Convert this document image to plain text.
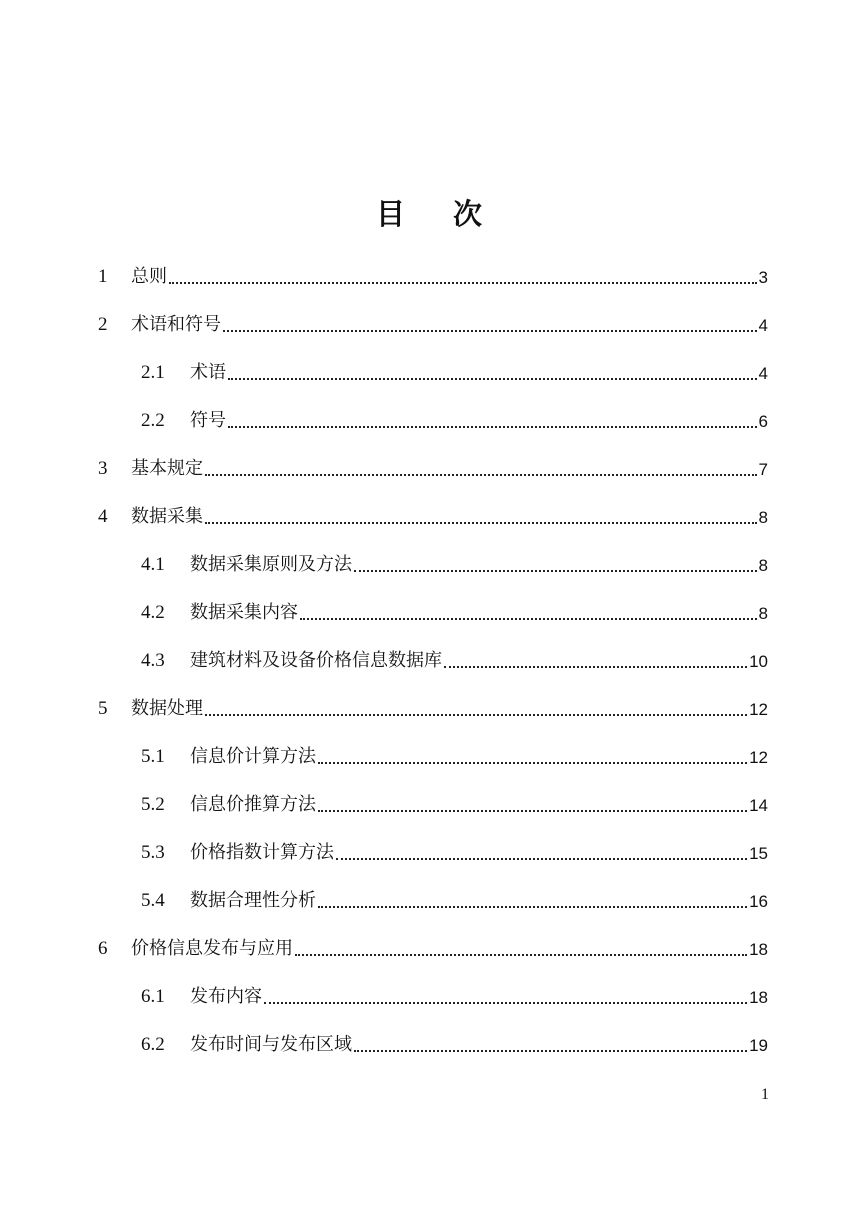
目 次
1	总则	3
2	术语和符号	4
2.1	术语	4
2.2	符号	6
3	基本规定	7
4	数据采集	8
4.1	数据采集原则及方法	8
4.2	数据采集内容	8
4.3	建筑材料及设备价格信息数据库	10
5	数据处理	12
5.1	信息价计算方法	12
5.2	信息价推算方法	14
5.3	价格指数计算方法	15
5.4	数据合理性分析	16
6	价格信息发布与应用	18
6.1	发布内容	18
6.2	发布时间与发布区域	19
1
